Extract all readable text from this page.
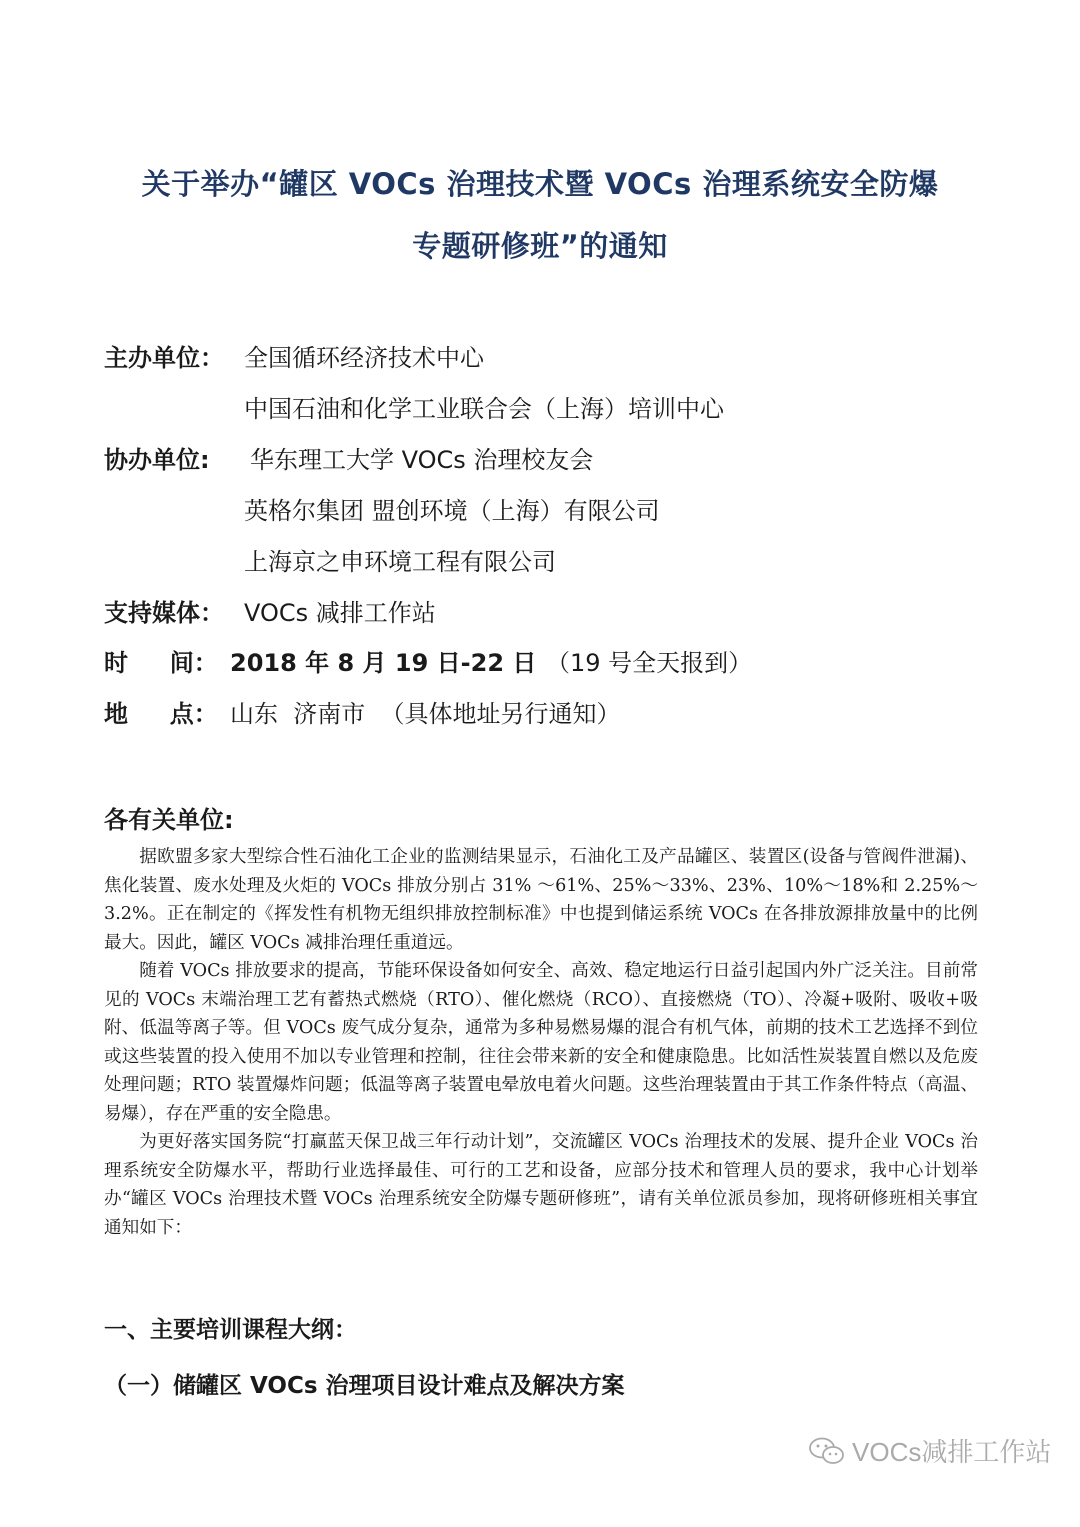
关于举办“罐区 VOCs 治理技术暨 VOCs 治理系统安全防爆
专题研修班”的通知
主办单位： 全国循环经济技术中心
中国石油和化学工业联合会（上海）培训中心
协办单位: 华东理工大学 VOCs 治理校友会
英格尔集团 盟创环境（上海）有限公司
上海京之申环境工程有限公司
支持媒体： VOCs 减排工作站
时     间： 2018 年 8 月 19 日-22 日 （19 号全天报到）
地     点： 山东  济南市  （具体地址另行通知）
各有关单位:

据欧盟多家大型综合性石油化工企业的监测结果显示，石油化工及产品罐区、装置区(设备与管阀件泄漏)、焦化装置、废水处理及火炬的 VOCs 排放分别占 31% ～61%、25%～33%、23%、10%～18%和 2.25%～3.2%。正在制定的《挥发性有机物无组织排放控制标准》中也提到储运系统 VOCs 在各排放源排放量中的比例最大。因此，罐区 VOCs 减排治理任重道远。

随着 VOCs 排放要求的提高，节能环保设备如何安全、高效、稳定地运行日益引起国内外广泛关注。目前常见的 VOCs 末端治理工艺有蓄热式燃烧（RTO）、催化燃烧（RCO）、直接燃烧（TO）、冷凝+吸附、吸收+吸附、低温等离子等。但 VOCs 废气成分复杂，通常为多种易燃易爆的混合有机气体，前期的技术工艺选择不到位或这些装置的投入使用不加以专业管理和控制，往往会带来新的安全和健康隐患。比如活性炭装置自燃以及危废处理问题；RTO 装置爆炸问题；低温等离子装置电晕放电着火问题。这些治理装置由于其工作条件特点（高温、易爆），存在严重的安全隐患。

为更好落实国务院“打赢蓝天保卫战三年行动计划”，交流罐区 VOCs 治理技术的发展、提升企业 VOCs 治理系统安全防爆水平，帮助行业选择最佳、可行的工艺和设备，应部分技术和管理人员的要求，我中心计划举办“罐区 VOCs 治理技术暨 VOCs 治理系统安全防爆专题研修班”，请有关单位派员参加，现将研修班相关事宜通知如下：

一、主要培训课程大纲：
（一）储罐区 VOCs 治理项目设计难点及解决方案
VOCs减排工作站
